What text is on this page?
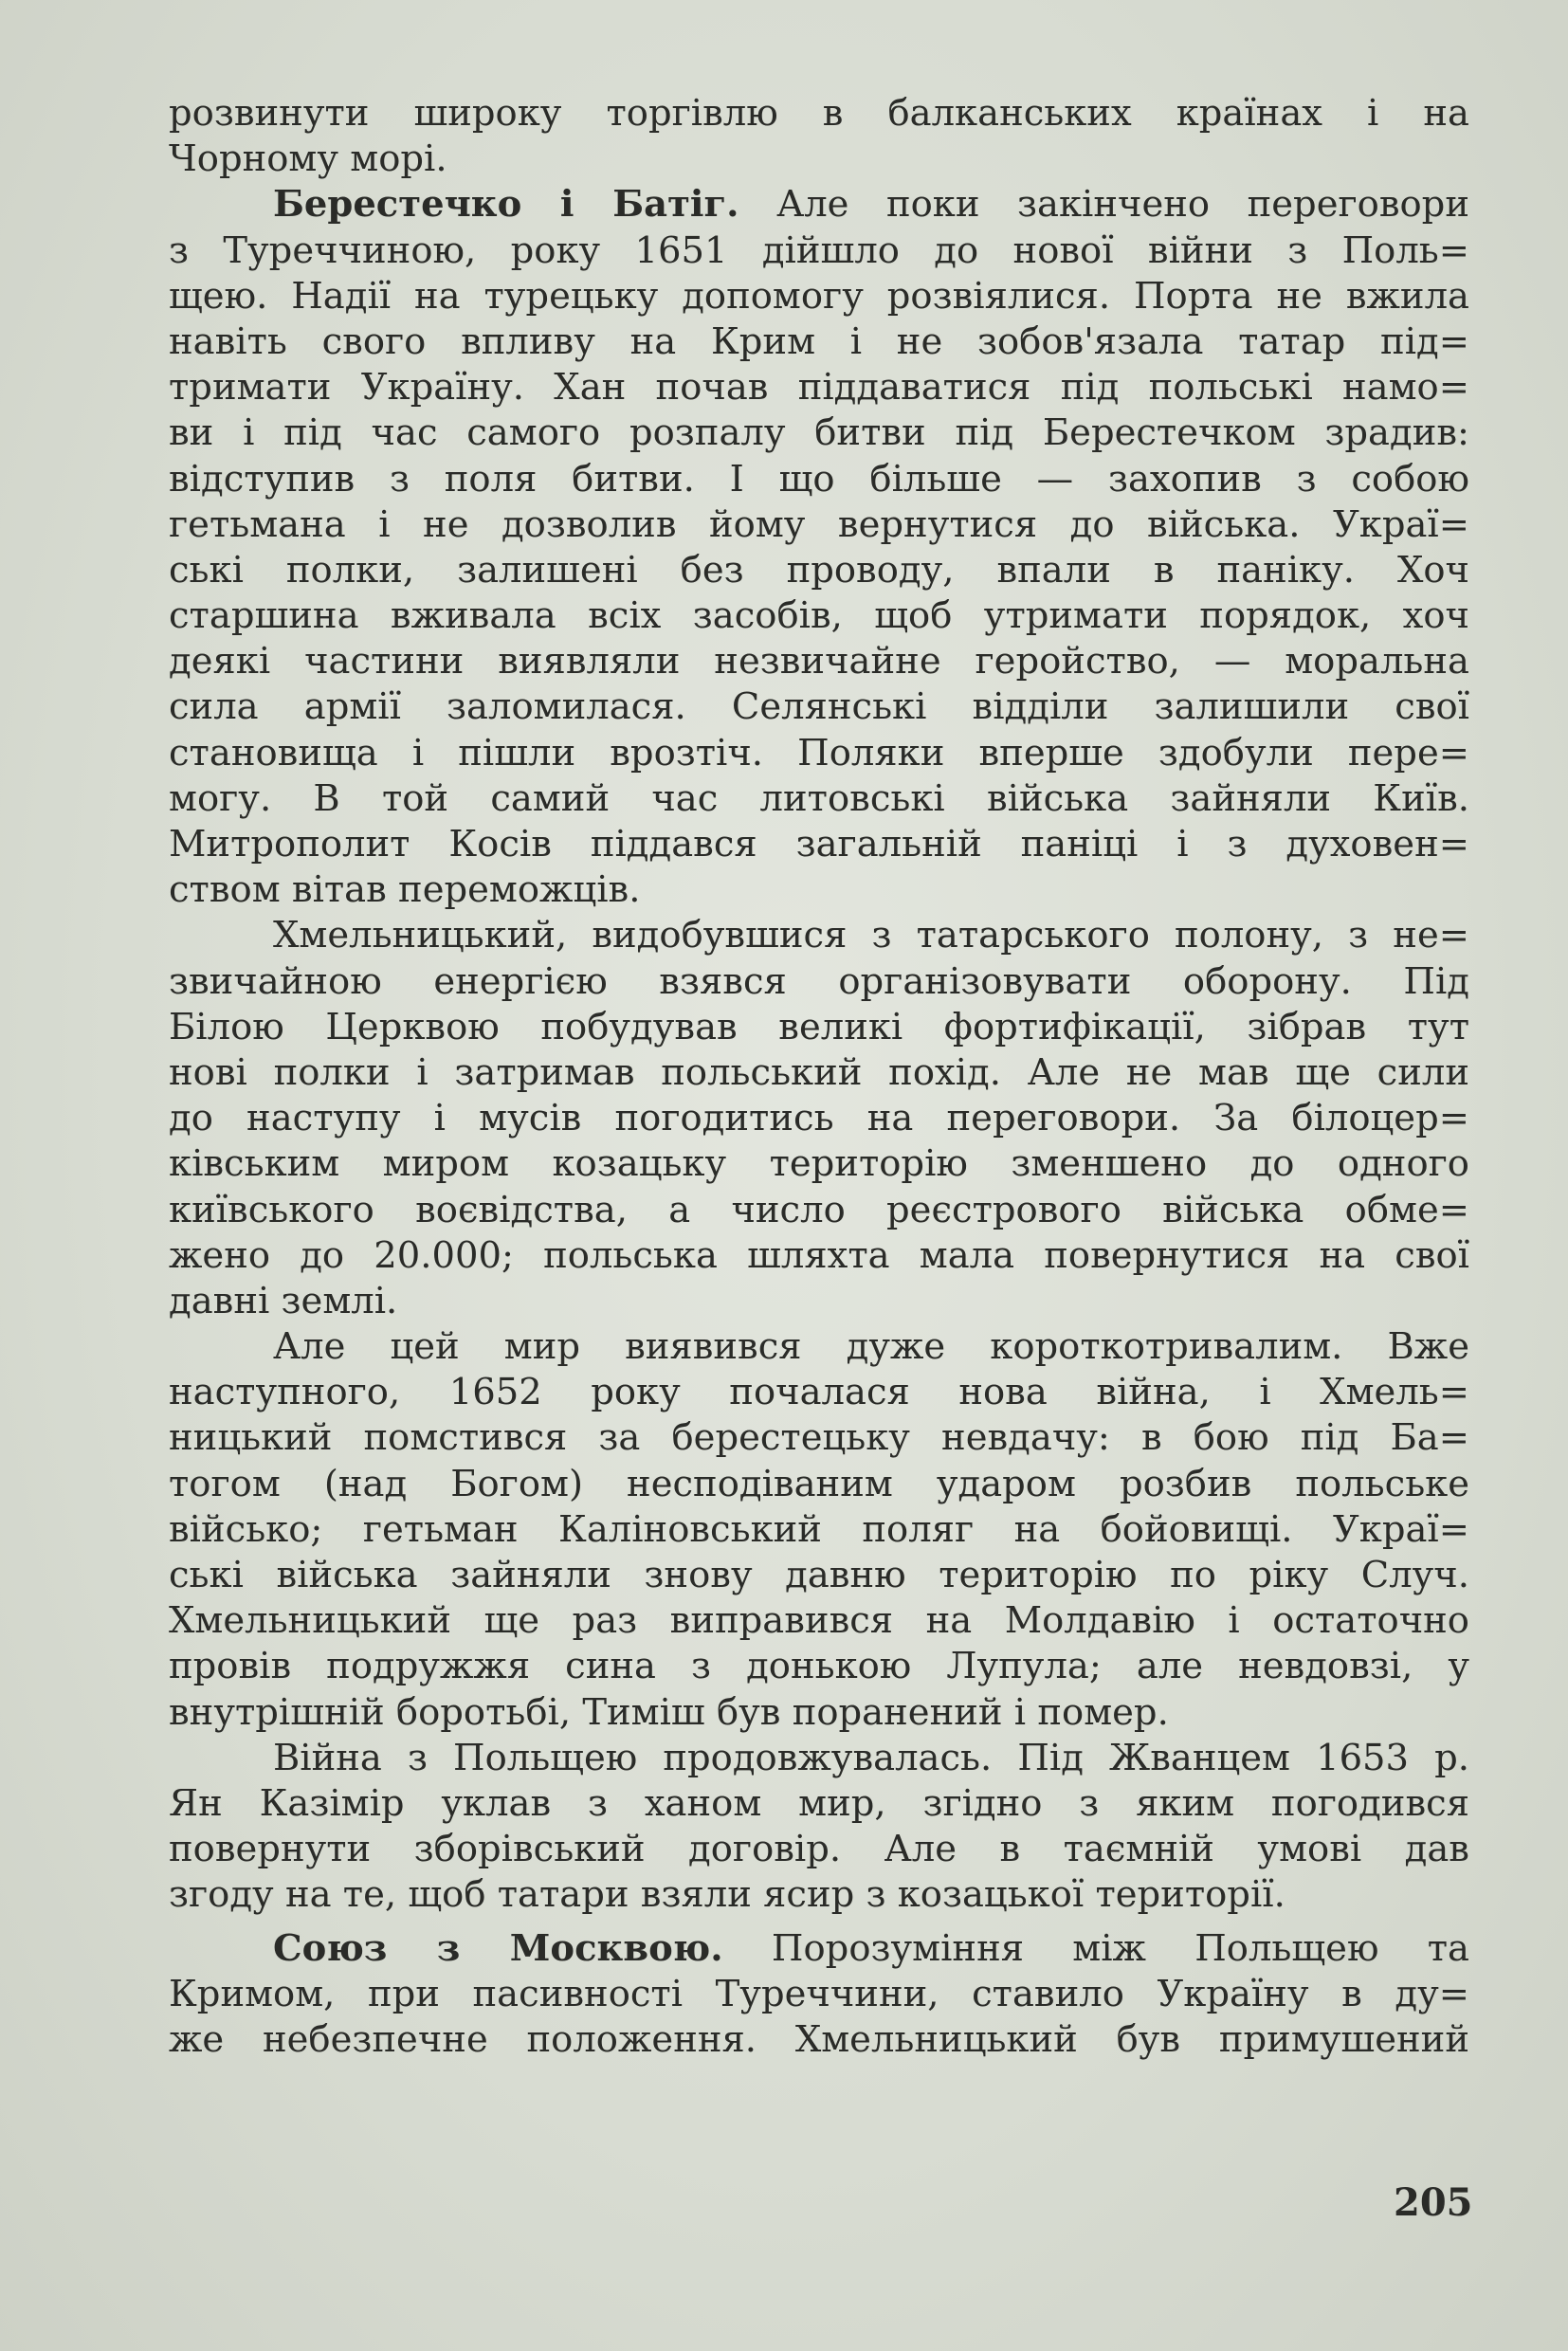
розвинути широку торгівлю в балканських країнах і на
Чорному морі.
Берестечко і Батіг. Але поки закінчено переговори
з Туреччиною, року 1651 дійшло до нової війни з Поль=
щею. Надії на турецьку допомогу розвіялися. Порта не вжила
навіть свого впливу на Крим і не зобов'язала татар під=
тримати Україну. Хан почав піддаватися під польські намо=
ви і під час самого розпалу битви під Берестечком зрадив:
відступив з поля битви. І що більше — захопив з собою
гетьмана і не дозволив йому вернутися до війська. Украї=
ські полки, залишені без проводу, впали в паніку. Хоч
старшина вживала всіх засобів, щоб утримати порядок, хоч
деякі частини виявляли незвичайне геройство, — моральна
сила армії заломилася. Селянські відділи залишили свої
становища і пішли врозтіч. Поляки вперше здобули пере=
могу. В той самий час литовські війська зайняли Київ.
Митрополит Косів піддався загальній паніці і з духовен=
ством вітав переможців.
Хмельницький, видобувшися з татарського полону, з не=
звичайною енергією взявся організовувати оборону. Під
Білою Церквою побудував великі фортифікації, зібрав тут
нові полки і затримав польський похід. Але не мав ще сили
до наступу і мусів погодитись на переговори. За білоцер=
ківським миром козацьку територію зменшено до одного
київського воєвідства, а число реєстрового війська обме=
жено до 20.000; польська шляхта мала повернутися на свої
давні землі.
Але цей мир виявився дуже короткотривалим. Вже
наступного, 1652 року почалася нова війна, і Хмель=
ницький помстився за берестецьку невдачу: в бою під Ба=
тогом (над Богом) несподіваним ударом розбив польське
військо; гетьман Каліновський поляг на бойовищі. Украї=
ські війська зайняли знову давню територію по ріку Случ.
Хмельницький ще раз виправився на Молдавію і остаточно
провів подружжя сина з донькою Лупула; але невдовзі, у
внутрішній боротьбі, Тиміш був поранений і помер.
Війна з Польщею продовжувалась. Під Жванцем 1653 р.
Ян Казімір уклав з ханом мир, згідно з яким погодився
повернути зборівський договір. Але в таємній умові дав
згоду на те, щоб татари взяли ясир з козацької території.
Союз з Москвою. Порозуміння між Польщею та
Кримом, при пасивності Туреччини, ставило Україну в ду=
же небезпечне положення. Хмельницький був примушений
205
